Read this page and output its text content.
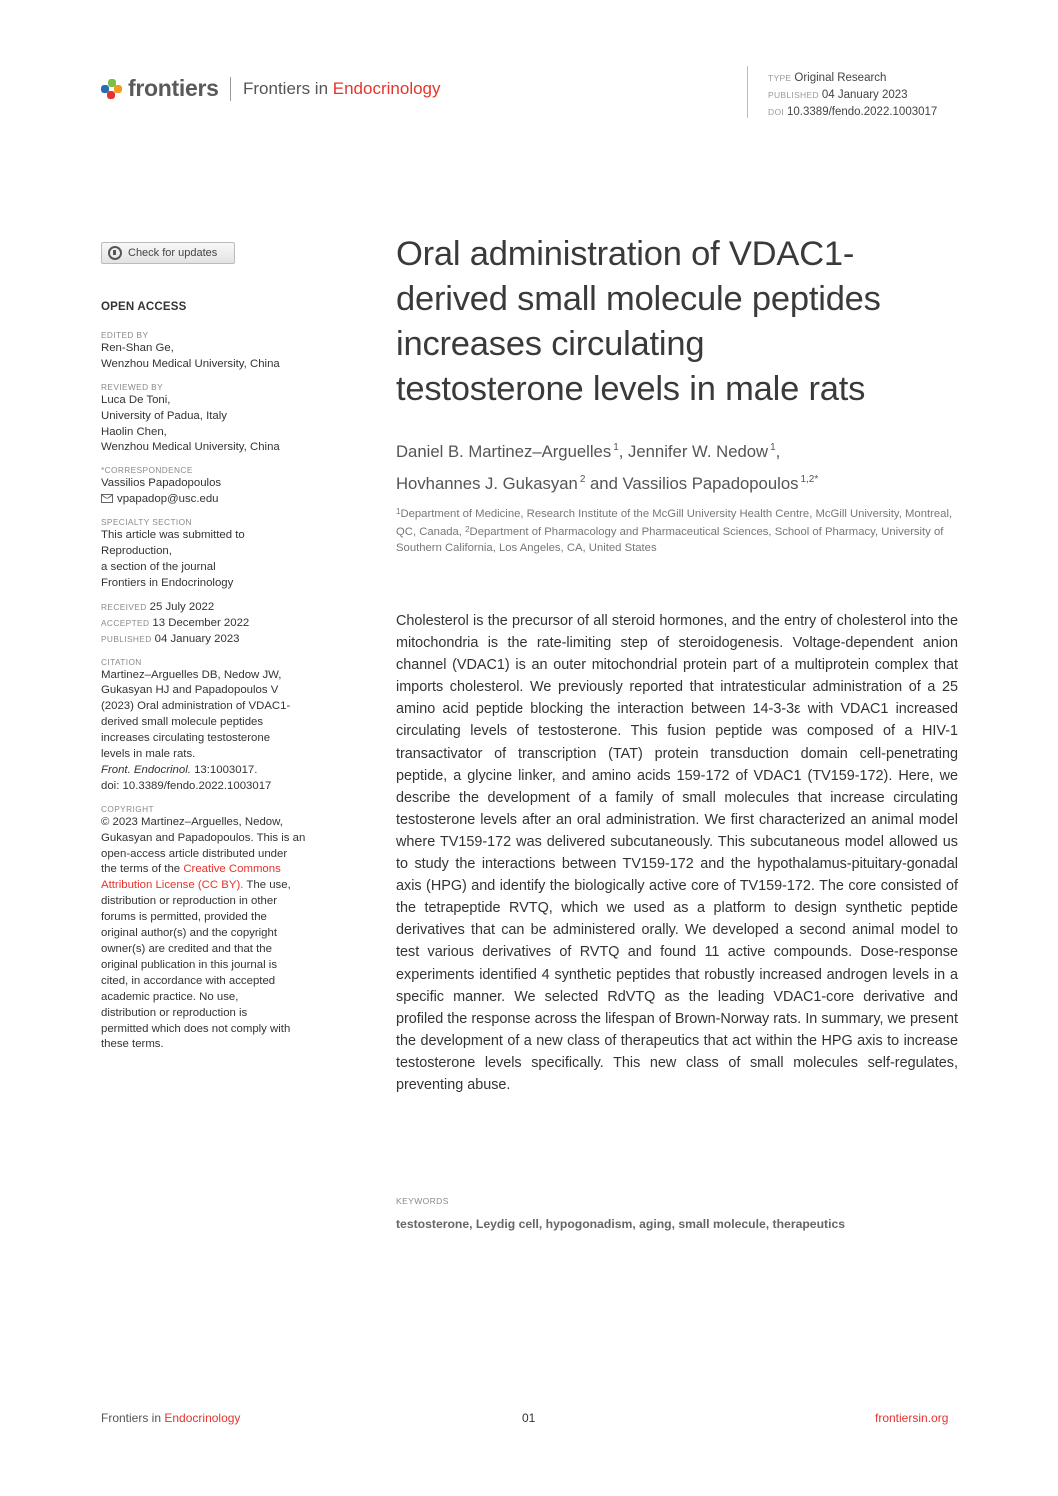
frontiers Frontiers in Endocrinology
TYPE Original Research
PUBLISHED 04 January 2023
DOI 10.3389/fendo.2022.1003017
Check for updates
OPEN ACCESS
EDITED BY
Ren-Shan Ge,
Wenzhou Medical University, China
REVIEWED BY
Luca De Toni,
University of Padua, Italy
Haolin Chen,
Wenzhou Medical University, China
*CORRESPONDENCE
Vassilios Papadopoulos
vpapadop@usc.edu
SPECIALTY SECTION
This article was submitted to
Reproduction,
a section of the journal
Frontiers in Endocrinology
RECEIVED 25 July 2022
ACCEPTED 13 December 2022
PUBLISHED 04 January 2023
CITATION
Martinez–Arguelles DB, Nedow JW,
Gukasyan HJ and Papadopoulos V
(2023) Oral administration of VDAC1-
derived small molecule peptides
increases circulating testosterone
levels in male rats.
Front. Endocrinol. 13:1003017.
doi: 10.3389/fendo.2022.1003017
COPYRIGHT
© 2023 Martinez–Arguelles, Nedow,
Gukasyan and Papadopoulos. This is an
open-access article distributed under
the terms of the Creative Commons
Attribution License (CC BY). The use,
distribution or reproduction in other
forums is permitted, provided the
original author(s) and the copyright
owner(s) are credited and that the
original publication in this journal is
cited, in accordance with accepted
academic practice. No use,
distribution or reproduction is
permitted which does not comply with
these terms.
Oral administration of VDAC1-
derived small molecule peptides
increases circulating
testosterone levels in male rats
Daniel B. Martinez–Arguelles $^1$, Jennifer W. Nedow $^1$,
Hovhannes J. Gukasyan $^2$ and Vassilios Papadopoulos $^{1,2*}$
$^1$Department of Medicine, Research Institute of the McGill University Health Centre, McGill University, Montreal, QC, Canada, $^2$Department of Pharmacology and Pharmaceutical Sciences, School of Pharmacy, University of Southern California, Los Angeles, CA, United States

Cholesterol is the precursor of all steroid hormones, and the entry of cholesterol into the mitochondria is the rate-limiting step of steroidogenesis. Voltage-dependent anion channel (VDAC1) is an outer mitochondrial protein part of a multiprotein complex that imports cholesterol. We previously reported that intratesticular administration of a 25 amino acid peptide blocking the interaction between 14-3-3ε with VDAC1 increased circulating levels of testosterone. This fusion peptide was composed of a HIV-1 transactivator of transcription (TAT) protein transduction domain cell-penetrating peptide, a glycine linker, and amino acids 159-172 of VDAC1 (TV159-172). Here, we describe the development of a family of small molecules that increase circulating testosterone levels after an oral administration. We first characterized an animal model where TV159-172 was delivered subcutaneously. This subcutaneous model allowed us to study the interactions between TV159-172 and the hypothalamus-pituitary-gonadal axis (HPG) and identify the biologically active core of TV159-172. The core consisted of the tetrapeptide RVTQ, which we used as a platform to design synthetic peptide derivatives that can be administered orally. We developed a second animal model to test various derivatives of RVTQ and found 11 active compounds. Dose-response experiments identified 4 synthetic peptides that robustly increased androgen levels in a specific manner. We selected RdVTQ as the leading VDAC1-core derivative and profiled the response across the lifespan of Brown-Norway rats. In summary, we present the development of a new class of therapeutics that act within the HPG axis to increase testosterone levels specifically. This new class of small molecules self-regulates, preventing abuse.

KEYWORDS
testosterone, Leydig cell, hypogonadism, aging, small molecule, therapeutics
Frontiers in Endocrinology	01	frontiersin.org
